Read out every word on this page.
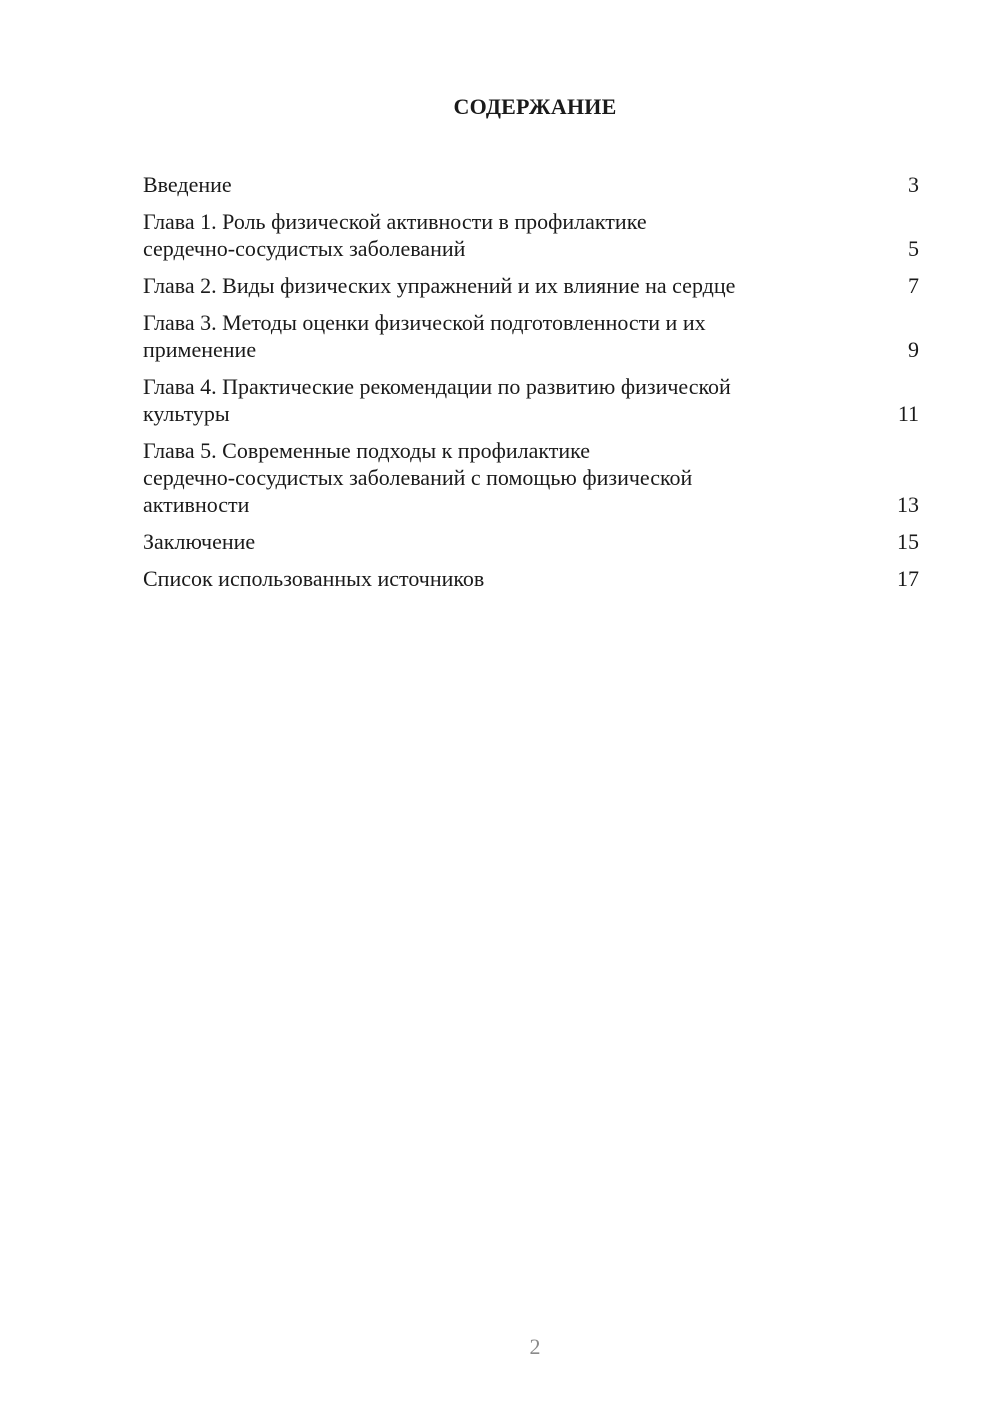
СОДЕРЖАНИЕ
Введение	3
Глава 1. Роль физической активности в профилактике
сердечно-сосудистых заболеваний	5
Глава 2. Виды физических упражнений и их влияние на сердце	7
Глава 3. Методы оценки физической подготовленности и их
применение	9
Глава 4. Практические рекомендации по развитию физической
культуры	11
Глава 5. Современные подходы к профилактике
сердечно-сосудистых заболеваний с помощью физической
активности	13
Заключение	15
Список использованных источников	17
2
